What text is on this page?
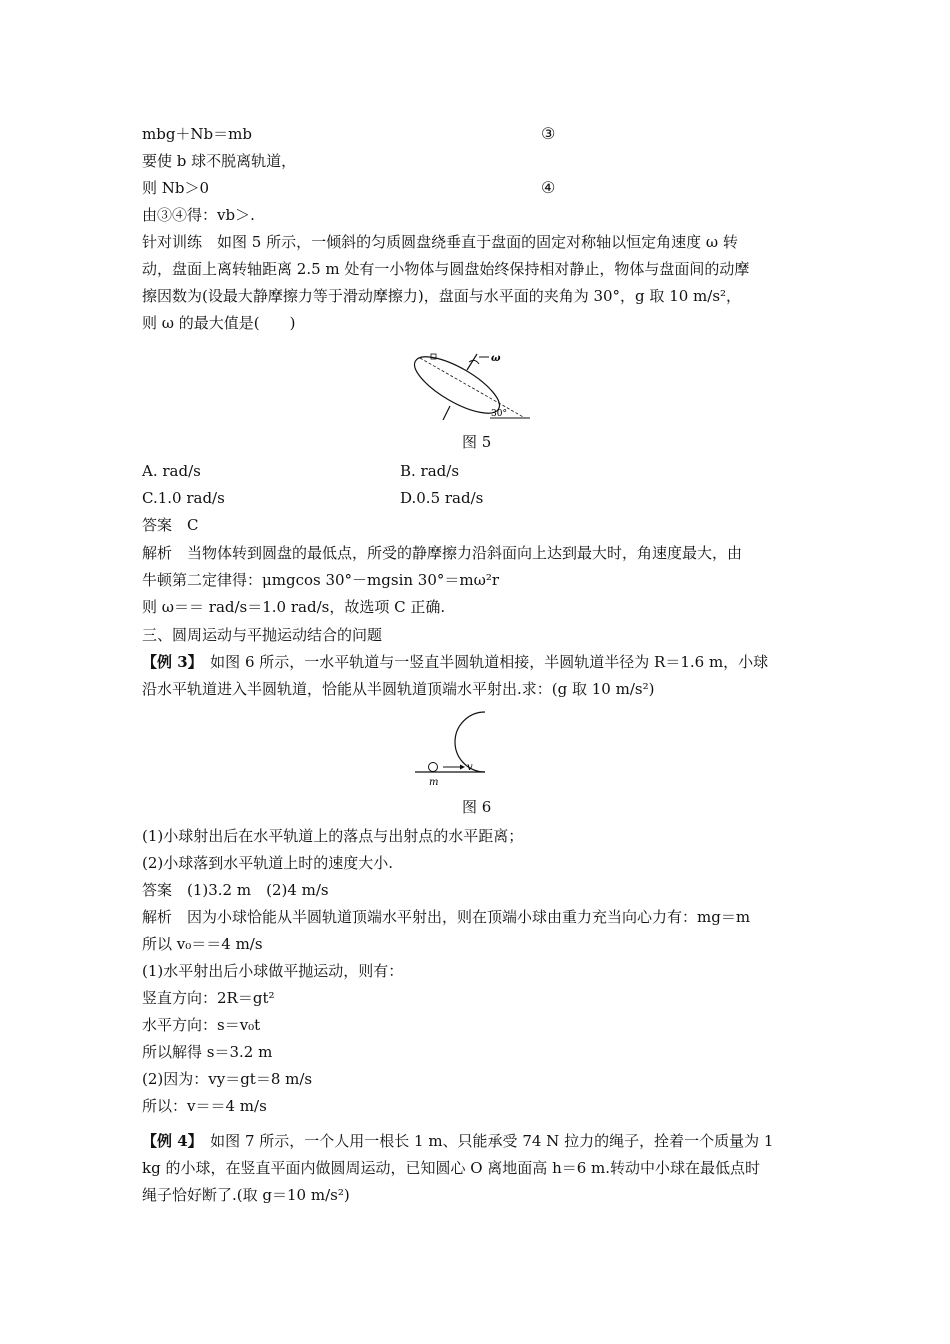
mbg＋Nb＝mb	③
要使 b 球不脱离轨道，
则 Nb＞0	④
由③④得：vb＞.
针对训练　如图 5 所示，一倾斜的匀质圆盘绕垂直于盘面的固定对称轴以恒定角速度 ω 转
动，盘面上离转轴距离 2.5 m 处有一小物体与圆盘始终保持相对静止，物体与盘面间的动摩
擦因数为(设最大静摩擦力等于滑动摩擦力)，盘面与水平面的夹角为 30°，g 取 10 m/s²，
则 ω 的最大值是(　　)
ω
30°
图 5
A. rad/s	B. rad/s
C.1.0 rad/s	D.0.5 rad/s
答案　C
解析　当物体转到圆盘的最低点，所受的静摩擦力沿斜面向上达到最大时，角速度最大，由
牛顿第二定律得：μmgcos 30°－mgsin 30°＝mω²r
则 ω＝＝ rad/s＝1.0 rad/s，故选项 C 正确.
三、圆周运动与平抛运动结合的问题
【例 3】　如图 6 所示，一水平轨道与一竖直半圆轨道相接，半圆轨道半径为 R＝1.6 m，小球
沿水平轨道进入半圆轨道，恰能从半圆轨道顶端水平射出.求：(g 取 10 m/s²)
v
m
图 6
(1)小球射出后在水平轨道上的落点与出射点的水平距离；
(2)小球落到水平轨道上时的速度大小.
答案　(1)3.2 m　(2)4 m/s
解析　因为小球恰能从半圆轨道顶端水平射出，则在顶端小球由重力充当向心力有：mg＝m
所以 v₀＝＝4 m/s
(1)水平射出后小球做平抛运动，则有：
竖直方向：2R＝gt²
水平方向：s＝v₀t
所以解得 s＝3.2 m
(2)因为：vy＝gt＝8 m/s
所以：v＝＝4 m/s
【例 4】　如图 7 所示，一个人用一根长 1 m、只能承受 74 N 拉力的绳子，拴着一个质量为 1
kg 的小球，在竖直平面内做圆周运动，已知圆心 O 离地面高 h＝6 m.转动中小球在最低点时
绳子恰好断了.(取 g＝10 m/s²)
